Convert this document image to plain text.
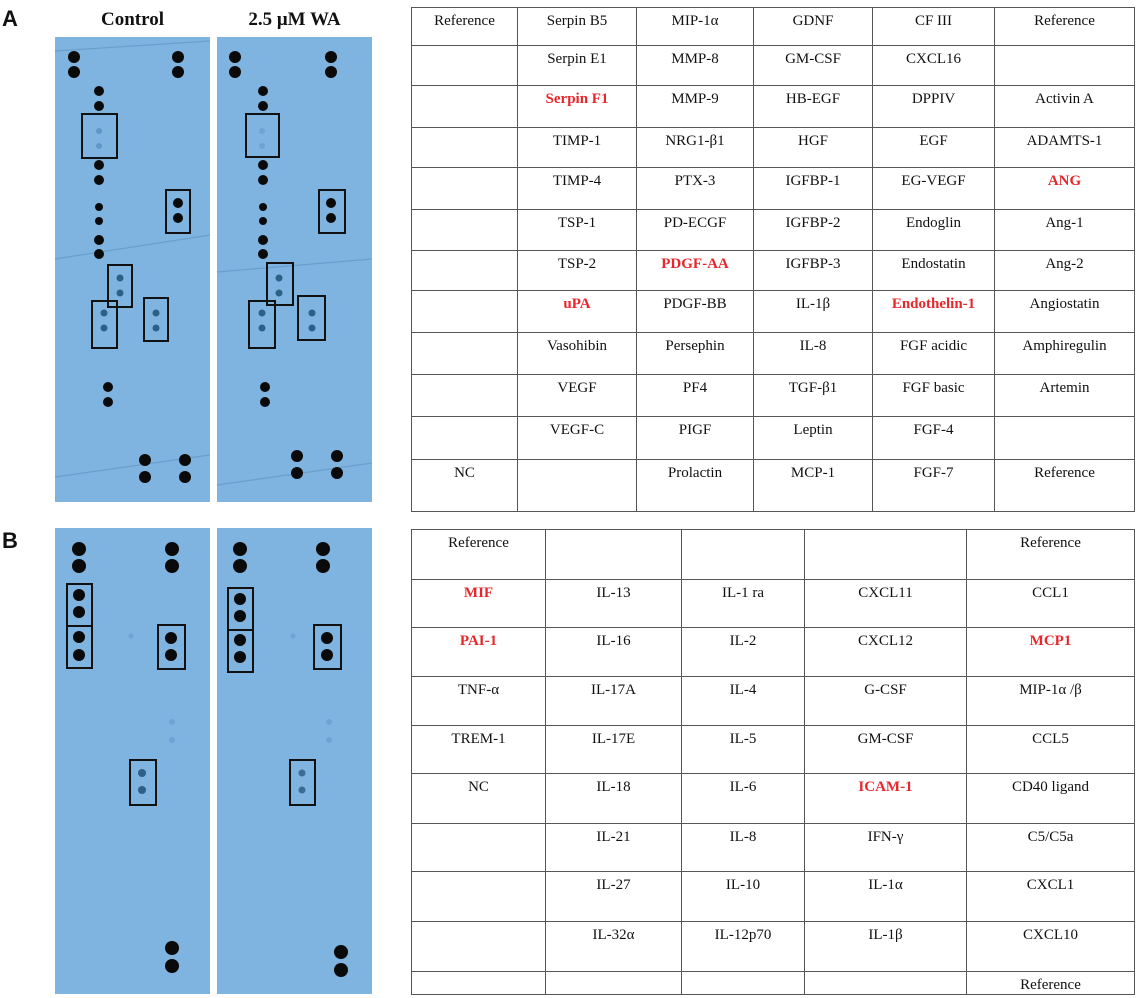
A	Control	2.5 μM WA	Reference	Serpin B5	MIP-1α	GDNF	CF III	Reference
	Serpin E1	MMP-8	GM-CSF	CXCL16	
	Serpin F1	MMP-9	HB-EGF	DPPIV	Activin A
	TIMP-1	NRG1-β1	HGF	EGF	ADAMTS-1
	TIMP-4	PTX-3	IGFBP-1	EG-VEGF	ANG
	TSP-1	PD-ECGF	IGFBP-2	Endoglin	Ang-1
	TSP-2	PDGF-AA	IGFBP-3	Endostatin	Ang-2
	uPA	PDGF-BB	IL-1β	Endothelin-1	Angiostatin
	Vasohibin	Persephin	IL-8	FGF acidic	Amphiregulin
	VEGF	PF4	TGF-β1	FGF basic	Artemin
	VEGF-C	PIGF	Leptin	FGF-4	
NC		Prolactin	MCP-1	FGF-7	Reference
B	Reference				Reference
MIF	IL-13	IL-1 ra	CXCL11	CCL1
PAI-1	IL-16	IL-2	CXCL12	MCP1
TNF-α	IL-17A	IL-4	G-CSF	MIP-1α /β
TREM-1	IL-17E	IL-5	GM-CSF	CCL5
NC	IL-18	IL-6	ICAM-1	CD40 ligand
	IL-21	IL-8	IFN-γ	C5/C5a
	IL-27	IL-10	IL-1α	CXCL1
	IL-32α	IL-12p70	IL-1β	CXCL10
				Reference
